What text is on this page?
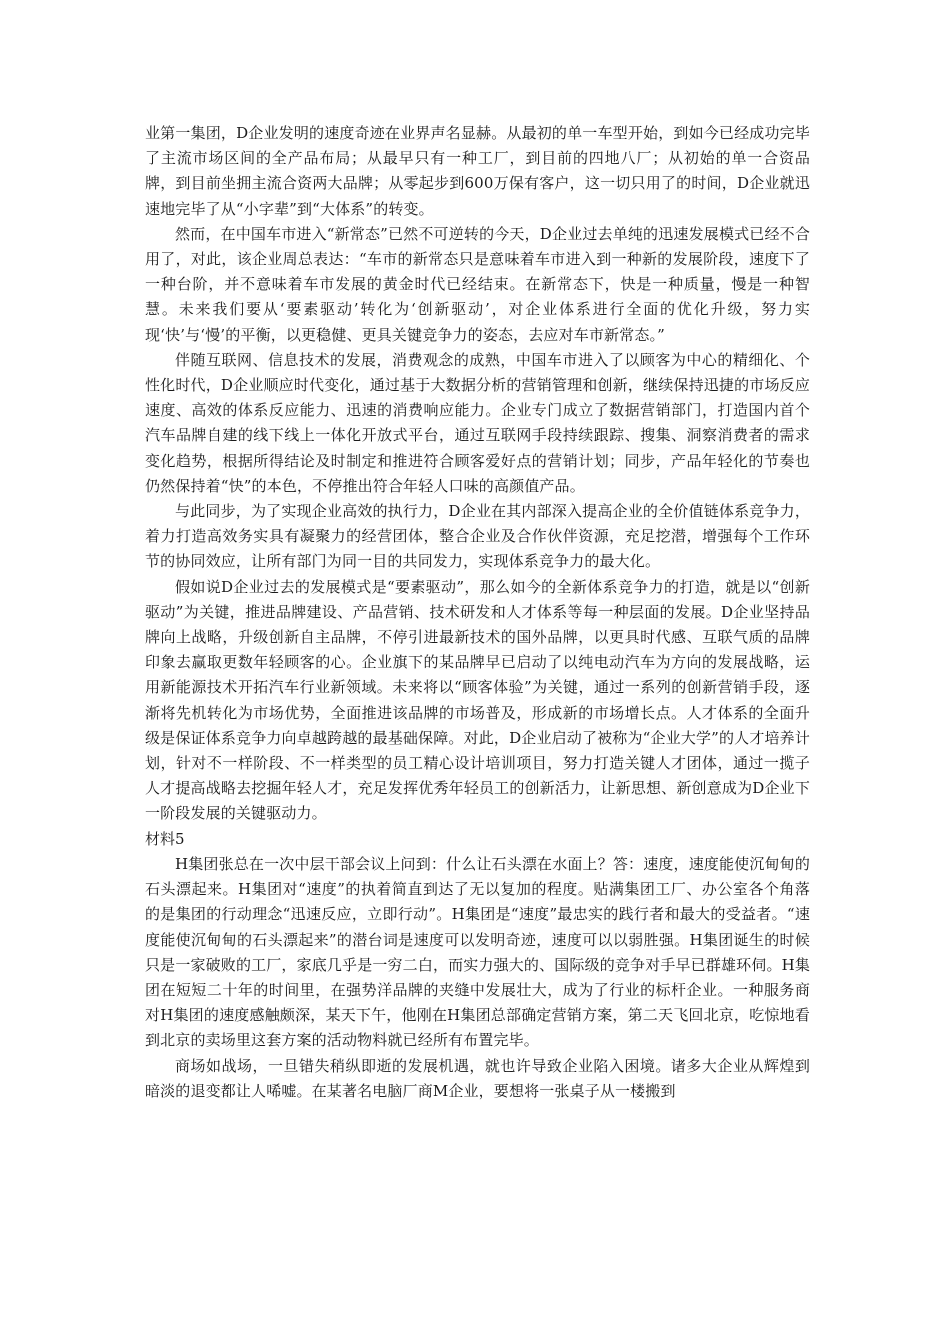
业第一集团，D企业发明的速度奇迹在业界声名显赫。从最初的单一车型开始，到如今已经成功完毕了主流市场区间的全产品布局；从最早只有一种工厂，到目前的四地八厂；从初始的单一合资品牌，到目前坐拥主流合资两大品牌；从零起步到600万保有客户，这一切只用了的时间，D企业就迅速地完毕了从“小字辈”到“大体系”的转变。

然而，在中国车市进入“新常态”已然不可逆转的今天，D企业过去单纯的迅速发展模式已经不合用了，对此，该企业周总表达：“车市的新常态只是意味着车市进入到一种新的发展阶段，速度下了一种台阶，并不意味着车市发展的黄金时代已经结束。在新常态下，快是一种质量，慢是一种智慧。未来我们要从‘要素驱动’转化为‘创新驱动’，对企业体系进行全面的优化升级，努力实现‘快’与‘慢’的平衡，以更稳健、更具关键竞争力的姿态，去应对车市新常态。”

伴随互联网、信息技术的发展，消费观念的成熟，中国车市进入了以顾客为中心的精细化、个性化时代，D企业顺应时代变化，通过基于大数据分析的营销管理和创新，继续保持迅捷的市场反应速度、高效的体系反应能力、迅速的消费响应能力。企业专门成立了数据营销部门，打造国内首个汽车品牌自建的线下线上一体化开放式平台，通过互联网手段持续跟踪、搜集、洞察消费者的需求变化趋势，根据所得结论及时制定和推进符合顾客爱好点的营销计划；同步，产品年轻化的节奏也仍然保持着“快”的本色，不停推出符合年轻人口味的高颜值产品。

与此同步，为了实现企业高效的执行力，D企业在其内部深入提高企业的全价值链体系竞争力，着力打造高效务实具有凝聚力的经营团体，整合企业及合作伙伴资源，充足挖潜，增强每个工作环节的协同效应，让所有部门为同一目的共同发力，实现体系竞争力的最大化。

假如说D企业过去的发展模式是“要素驱动”，那么如今的全新体系竞争力的打造，就是以“创新驱动”为关键，推进品牌建设、产品营销、技术研发和人才体系等每一种层面的发展。D企业坚持品牌向上战略，升级创新自主品牌，不停引进最新技术的国外品牌，以更具时代感、互联气质的品牌印象去赢取更数年轻顾客的心。企业旗下的某品牌早已启动了以纯电动汽车为方向的发展战略，运用新能源技术开拓汽车行业新领域。未来将以“顾客体验”为关键，通过一系列的创新营销手段，逐渐将先机转化为市场优势，全面推进该品牌的市场普及，形成新的市场增长点。人才体系的全面升级是保证体系竞争力向卓越跨越的最基础保障。对此，D企业启动了被称为“企业大学”的人才培养计划，针对不一样阶段、不一样类型的员工精心设计培训项目，努力打造关键人才团体，通过一揽子人才提高战略去挖掘年轻人才，充足发挥优秀年轻员工的创新活力，让新思想、新创意成为D企业下一阶段发展的关键驱动力。

材料5

H集团张总在一次中层干部会议上问到：什么让石头漂在水面上？答：速度，速度能使沉甸甸的石头漂起来。H集团对“速度”的执着简直到达了无以复加的程度。贴满集团工厂、办公室各个角落的是集团的行动理念“迅速反应，立即行动”。H集团是“速度”最忠实的践行者和最大的受益者。“速度能使沉甸甸的石头漂起来”的潜台词是速度可以发明奇迹，速度可以以弱胜强。H集团诞生的时候只是一家破败的工厂，家底几乎是一穷二白，而实力强大的、国际级的竞争对手早已群雄环伺。H集团在短短二十年的时间里，在强势洋品牌的夹缝中发展壮大，成为了行业的标杆企业。一种服务商对H集团的速度感触颇深，某天下午，他刚在H集团总部确定营销方案，第二天飞回北京，吃惊地看到北京的卖场里这套方案的活动物料就已经所有布置完毕。

商场如战场，一旦错失稍纵即逝的发展机遇，就也许导致企业陷入困境。诸多大企业从辉煌到暗淡的退变都让人唏嘘。在某著名电脑厂商M企业，要想将一张桌子从一楼搬到
